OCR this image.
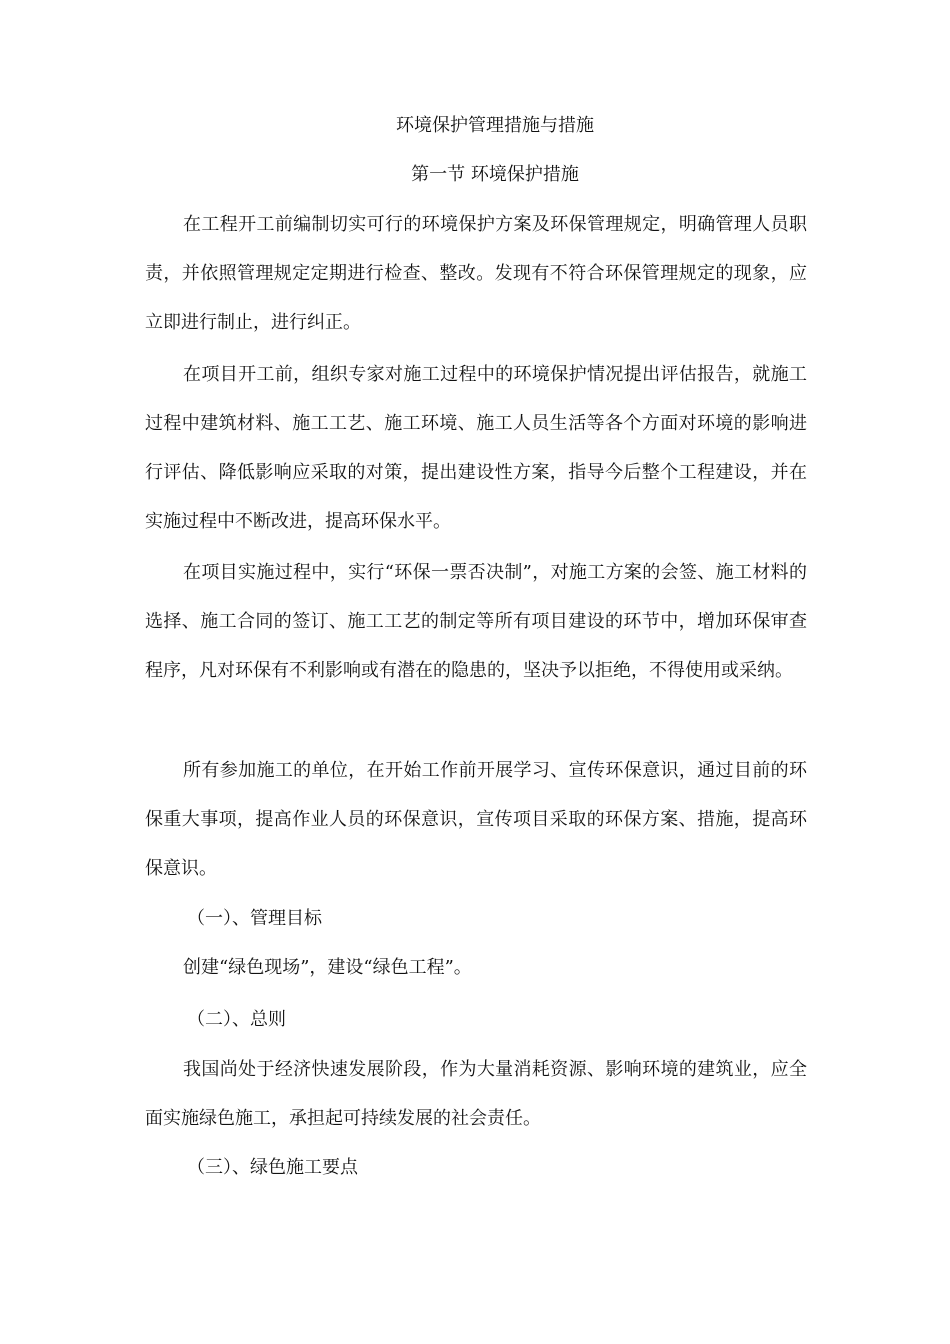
环境保护管理措施与措施
第一节 环境保护措施
在工程开工前编制切实可行的环境保护方案及环保管理规定，明确管理人员职责，并依照管理规定定期进行检查、整改。发现有不符合环保管理规定的现象，应立即进行制止，进行纠正。
在项目开工前，组织专家对施工过程中的环境保护情况提出评估报告，就施工过程中建筑材料、施工工艺、施工环境、施工人员生活等各个方面对环境的影响进行评估、降低影响应采取的对策，提出建设性方案，指导今后整个工程建设，并在实施过程中不断改进，提高环保水平。
在项目实施过程中，实行“环保一票否决制”，对施工方案的会签、施工材料的选择、施工合同的签订、施工工艺的制定等所有项目建设的环节中，增加环保审查程序，凡对环保有不利影响或有潜在的隐患的，坚决予以拒绝，不得使用或采纳。
所有参加施工的单位，在开始工作前开展学习、宣传环保意识，通过目前的环保重大事项，提高作业人员的环保意识，宣传项目采取的环保方案、措施，提高环保意识。
（一）、管理目标
创建“绿色现场”，建设“绿色工程”。
（二）、总则
我国尚处于经济快速发展阶段，作为大量消耗资源、影响环境的建筑业，应全面实施绿色施工，承担起可持续发展的社会责任。
（三）、绿色施工要点
